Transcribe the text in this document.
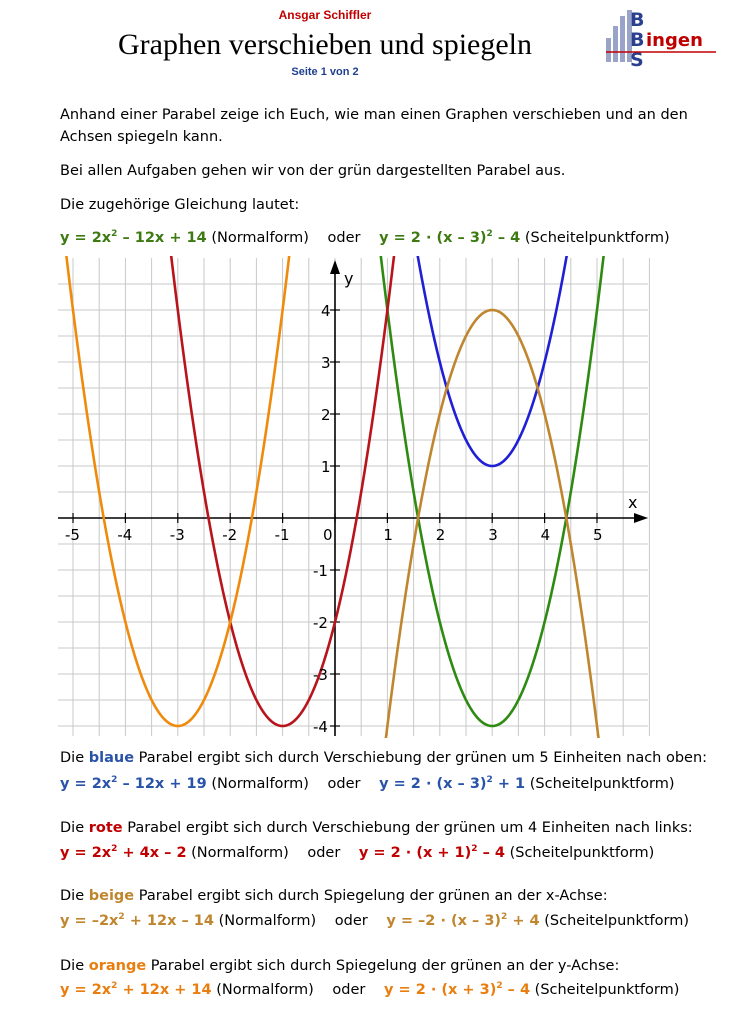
Ansgar Schiffler
Graphen verschieben und spiegeln
Seite 1 von 2
B
B
S
ingen
Anhand einer Parabel zeige ich Euch, wie man einen Graphen verschieben und an den Achsen spiegeln kann.
Bei allen Aufgaben gehen wir von der grün dargestellten Parabel aus.
Die zugehörige Gleichung lautet:
$y = 2x^2 - 12x + 14$ (Normalform) oder y = 2 · (x – 3)$^2$ – 4 (Scheitelpunktform)
-5 -4 -3 -2 -1 0	1	2	3	4	5
-4
-3
-2
-1
1
2
3
4
x
y
Die blaue Parabel ergibt sich durch Verschiebung der grünen um 5 Einheiten nach oben:
$y = 2x^2 - 12x + 19$ (Normalform) oder y = 2 · (x – 3)$^2$ + 1 (Scheitelpunktform)
Die rote Parabel ergibt sich durch Verschiebung der grünen um 4 Einheiten nach links:
$y = 2x^2 + 4x - 2$ (Normalform) oder $y = 2 \cdot (x + 1)^2 - 4$ (Scheitelpunktform)
Die beige Parabel ergibt sich durch Spiegelung der grünen an der x-Achse:
$y = -2x^2 + 12x - 14$ (Normalform) oder y = –2 · (x – 3)$^2$ + 4 (Scheitelpunktform)
Die orange Parabel ergibt sich durch Spiegelung der grünen an der y-Achse:
$y = 2x^2 + 12x + 14$ (Normalform) oder $y = 2 \cdot (x + 3)^2 - 4$ (Scheitelpunktform)
